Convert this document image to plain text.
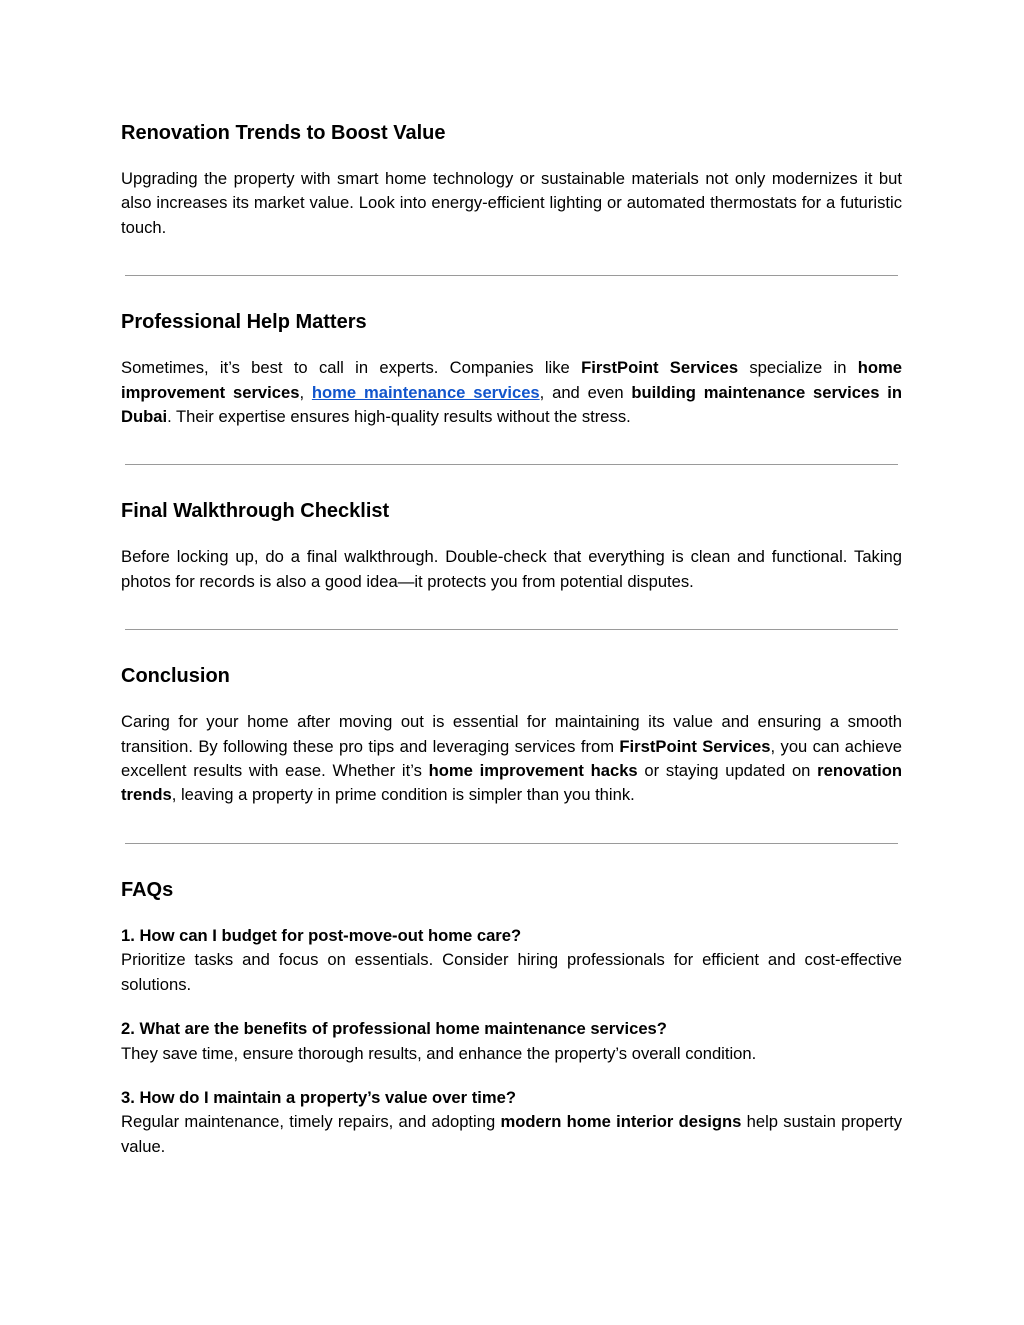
Renovation Trends to Boost Value

Upgrading the property with smart home technology or sustainable materials not only modernizes it but also increases its market value. Look into energy-efficient lighting or automated thermostats for a futuristic touch.

Professional Help Matters

Sometimes, it’s best to call in experts. Companies like FirstPoint Services specialize in home improvement services, home maintenance services, and even building maintenance services in Dubai. Their expertise ensures high-quality results without the stress.

Final Walkthrough Checklist

Before locking up, do a final walkthrough. Double-check that everything is clean and functional. Taking photos for records is also a good idea—it protects you from potential disputes.

Conclusion

Caring for your home after moving out is essential for maintaining its value and ensuring a smooth transition. By following these pro tips and leveraging services from FirstPoint Services, you can achieve excellent results with ease. Whether it’s home improvement hacks or staying updated on renovation trends, leaving a property in prime condition is simpler than you think.

FAQs

1. How can I budget for post-move-out home care?

Prioritize tasks and focus on essentials. Consider hiring professionals for efficient and cost-effective solutions.

2. What are the benefits of professional home maintenance services?

They save time, ensure thorough results, and enhance the property’s overall condition.

3. How do I maintain a property’s value over time?

Regular maintenance, timely repairs, and adopting modern home interior designs help sustain property value.
